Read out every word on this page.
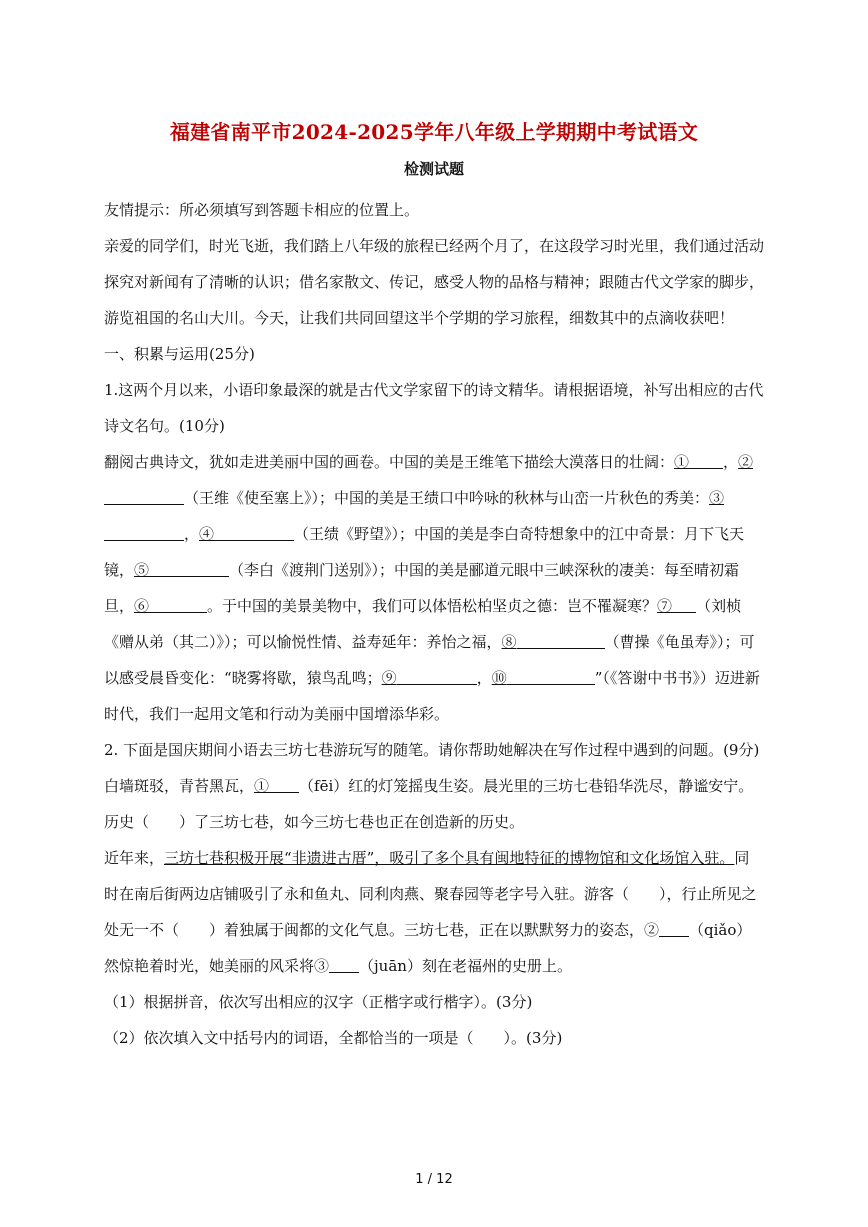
福建省南平市2024-2025学年八年级上学期期中考试语文
检测试题

友情提示：所必须填写到答题卡相应的位置上。

亲爱的同学们，时光飞逝，我们踏上八年级的旅程已经两个月了，在这段学习时光里，我们通过活动探究对新闻有了清晰的认识；借名家散文、传记，感受人物的品格与精神；跟随古代文学家的脚步，游览祖国的名山大川。今天，让我们共同回望这半个学期的学习旅程，细数其中的点滴收获吧！

一、积累与运用(25分)

1.这两个月以来，小语印象最深的就是古代文学家留下的诗文精华。请根据语境，补写出相应的古代诗文名句。(10分)

翻阅古典诗文，犹如走进美丽中国的画卷。中国的美是王维笔下描绘大漠落日的壮阔：① ，②（王维《使至塞上》）；中国的美是王绩口中吟咏的秋林与山峦一片秋色的秀美：③，④	（王绩《野望》）；中国的美是李白奇特想象中的江中奇景：月下飞天镜，⑤	（李白《渡荆门送别》）；中国的美是郦道元眼中三峡深秋的凄美：每至晴初霜旦，⑥	。于中国的美景美物中，我们可以体悟松柏坚贞之德：岂不罹凝寒？⑦ （刘桢《赠从弟（其二）》）；可以愉悦性情、益寿延年：养怡之福，⑧	（曹操《龟虽寿》）；可以感受晨昏变化：“晓雾将歇，猿鸟乱鸣；⑨	，⑩	”（《答谢中书书》）迈进新时代，我们一起用文笔和行动为美丽中国增添华彩。

2. 下面是国庆期间小语去三坊七巷游玩写的随笔。请你帮助她解决在写作过程中遇到的问题。(9分)

白墙斑驳，青苔黑瓦，① （fēi）红的灯笼摇曳生姿。晨光里的三坊七巷铅华洗尽，静谧安宁。历史（　　）了三坊七巷，如今三坊七巷也正在创造新的历史。

近年来，三坊七巷积极开展“非遗进古厝”，吸引了多个具有闽地特征的博物馆和文化场馆入驻。同时在南后街两边店铺吸引了永和鱼丸、同利肉燕、聚春园等老字号入驻。游客（　　），行止所见之处无一不（　　）着独属于闽都的文化气息。三坊七巷，正在以默默努力的姿态，② （qiǎo）然惊艳着时光，她美丽的风采将③ （juān）刻在老福州的史册上。

（1）根据拼音，依次写出相应的汉字（正楷字或行楷字）。(3分)

（2）依次填入文中括号内的词语，全都恰当的一项是（　　）。(3分)

1 / 12
